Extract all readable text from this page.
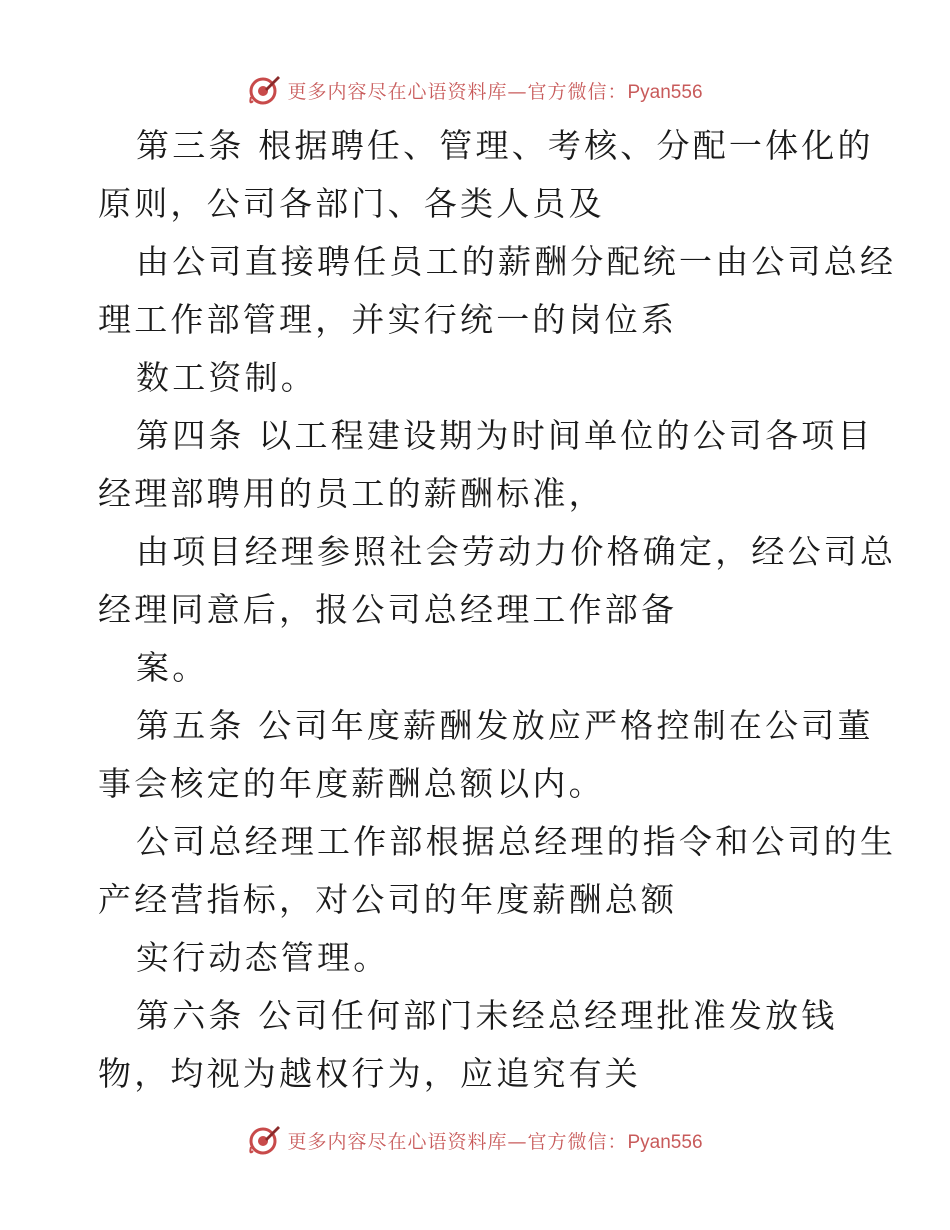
更多内容尽在心语资料库—官方微信：Pyan556
第三条 根据聘任、管理、考核、分配一体化的
原则，公司各部门、各类人员及
由公司直接聘任员工的薪酬分配统一由公司总经
理工作部管理，并实行统一的岗位系
数工资制。
第四条 以工程建设期为时间单位的公司各项目
经理部聘用的员工的薪酬标准，
由项目经理参照社会劳动力价格确定，经公司总
经理同意后，报公司总经理工作部备
案。
第五条 公司年度薪酬发放应严格控制在公司董
事会核定的年度薪酬总额以内。
公司总经理工作部根据总经理的指令和公司的生
产经营指标，对公司的年度薪酬总额
实行动态管理。
第六条 公司任何部门未经总经理批准发放钱
物，均视为越权行为，应追究有关
更多内容尽在心语资料库—官方微信：Pyan556
